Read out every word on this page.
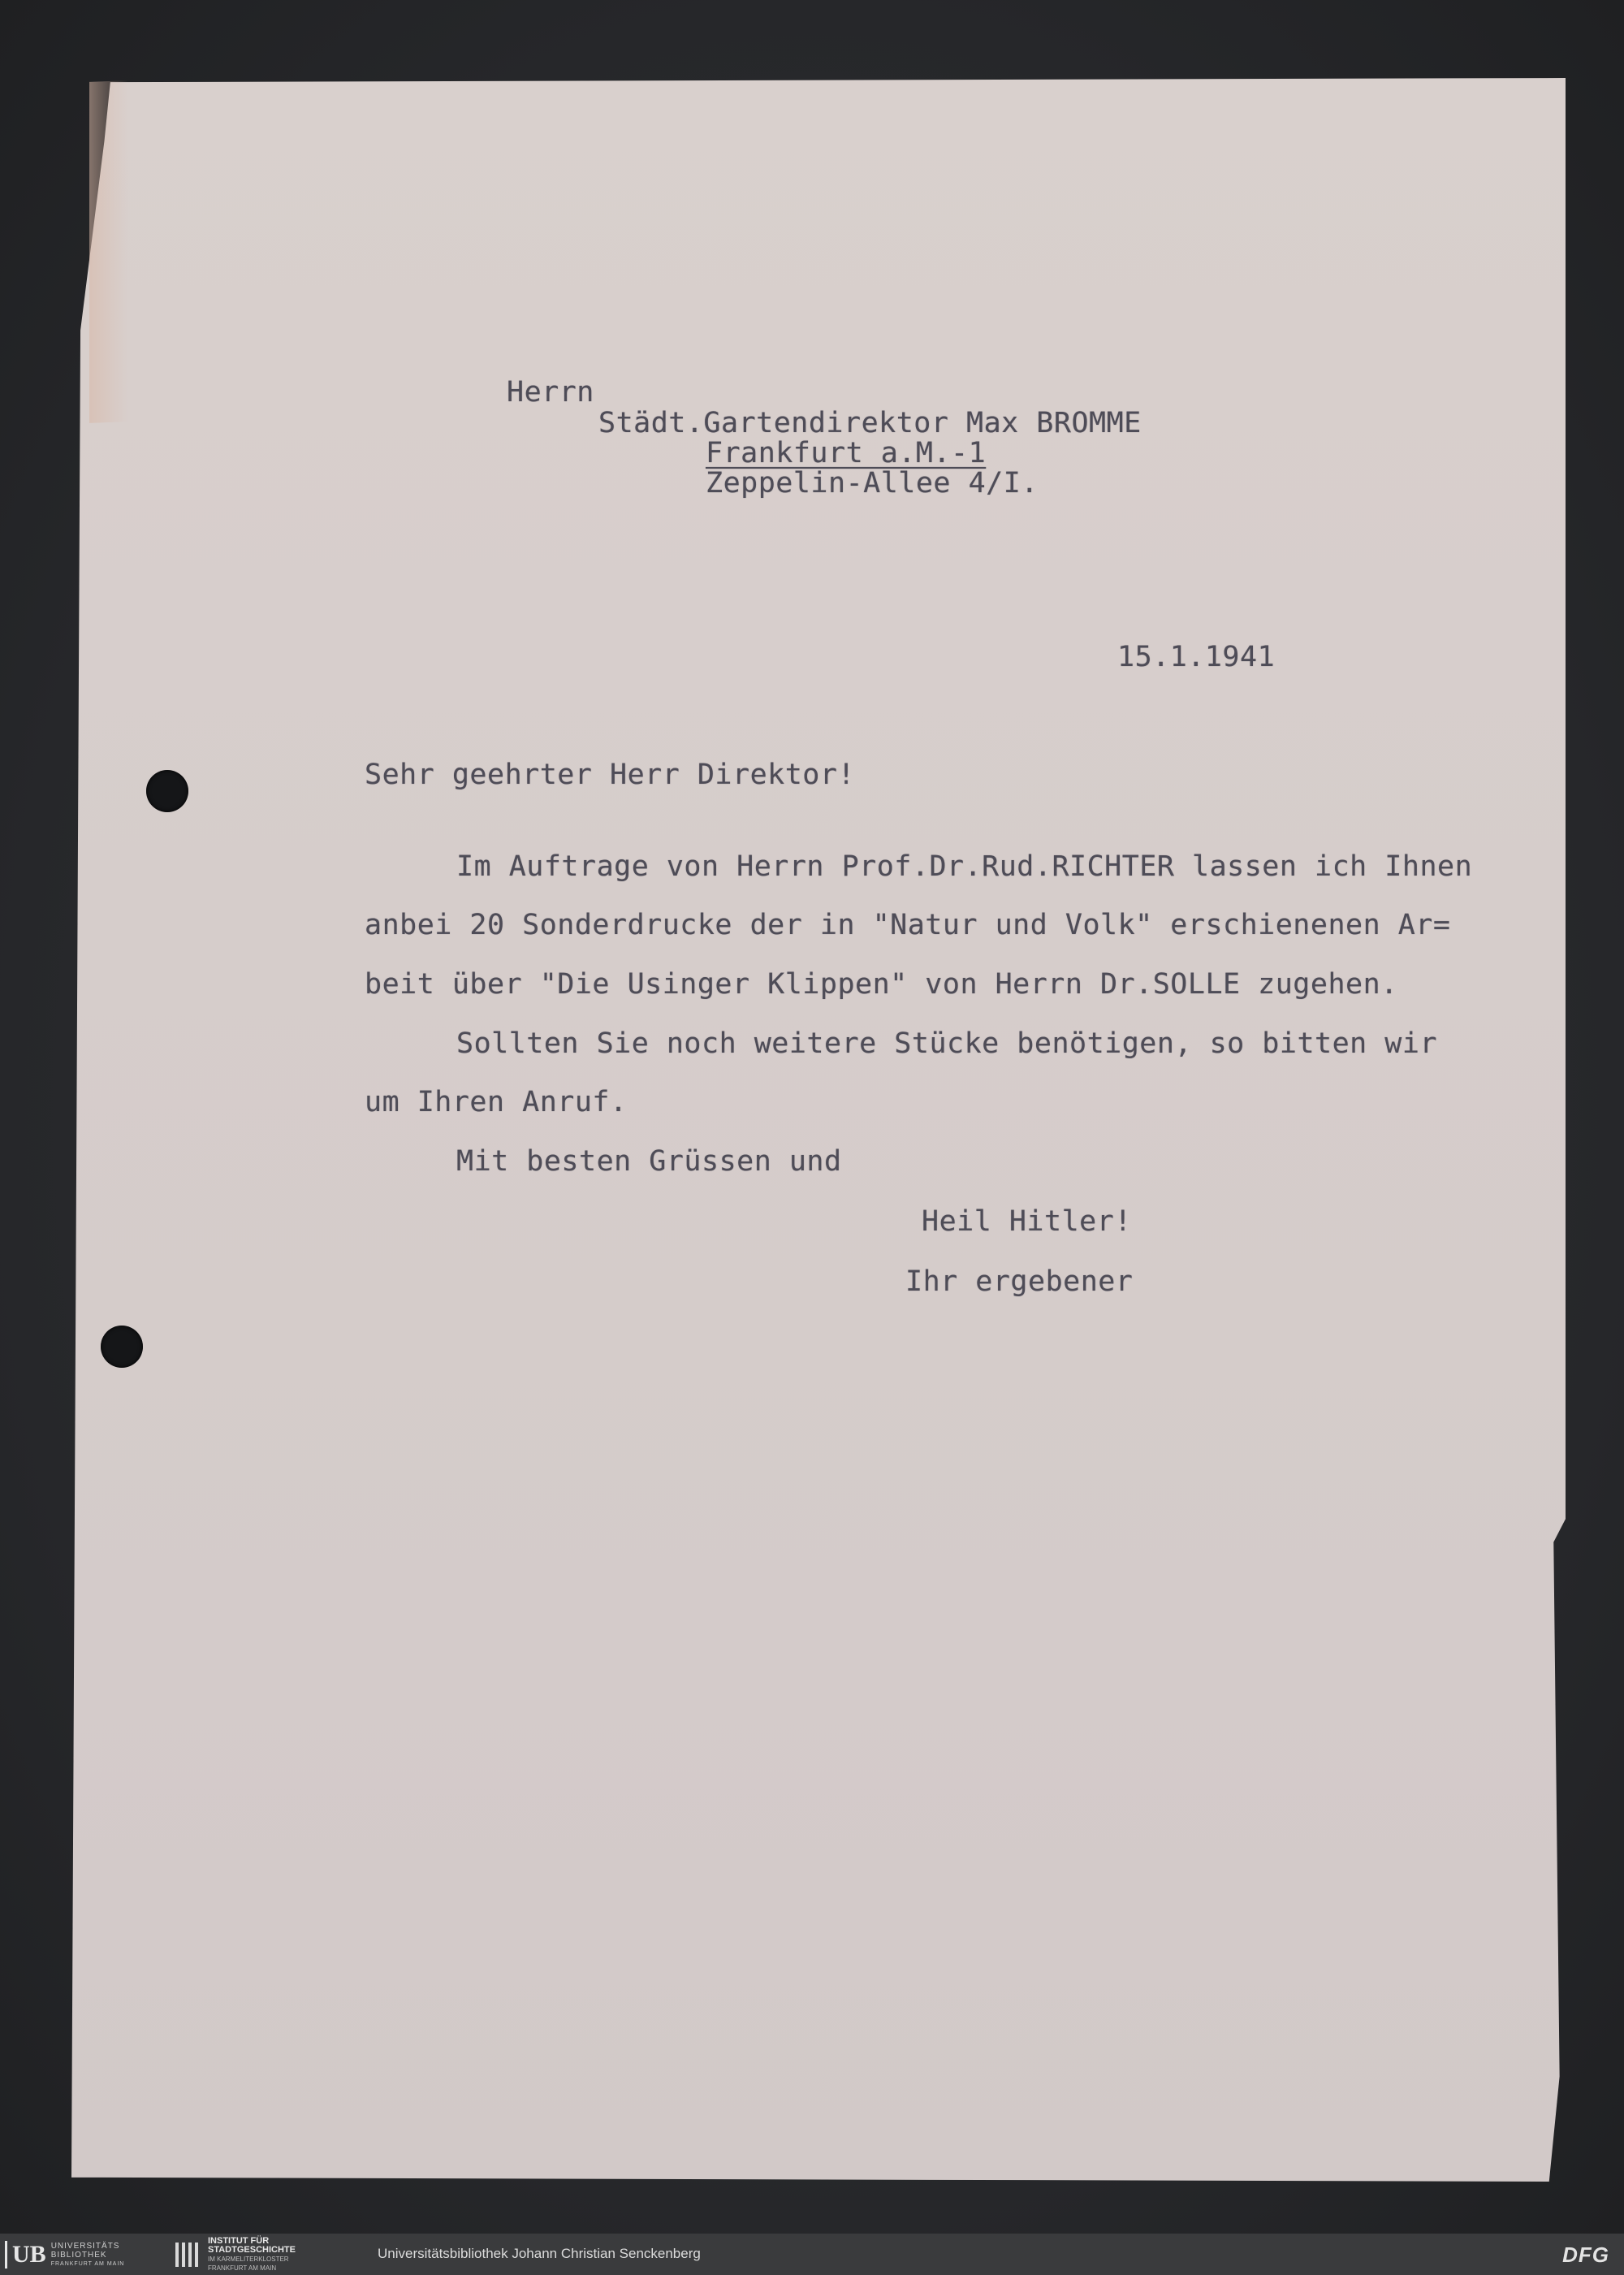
Herrn

Städt.Gartendirektor Max BROMME

Frankfurt a.M.-1

Zeppelin-Allee 4/I.

15.1.1941

Sehr geehrter Herr Direktor!

Im Auftrage von Herrn Prof.Dr.Rud.RICHTER lassen ich Ihnen

anbei 20 Sonderdrucke der in "Natur und Volk" erschienenen Ar=

beit über "Die Usinger Klippen" von Herrn Dr.SOLLE zugehen.

Sollten Sie noch weitere Stücke benötigen, so bitten wir

um Ihren Anruf.

Mit besten Grüssen und

Heil Hitler!

Ihr ergebener

UB UNIVERSITÄTS
BIBLIOTHEK
FRANKFURT AM MAIN
INSTITUT FÜR
STADTGESCHICHTE
IM KARMELITERKLOSTER
FRANKFURT AM MAIN
Universitätsbibliothek Johann Christian Senckenberg	DFG
